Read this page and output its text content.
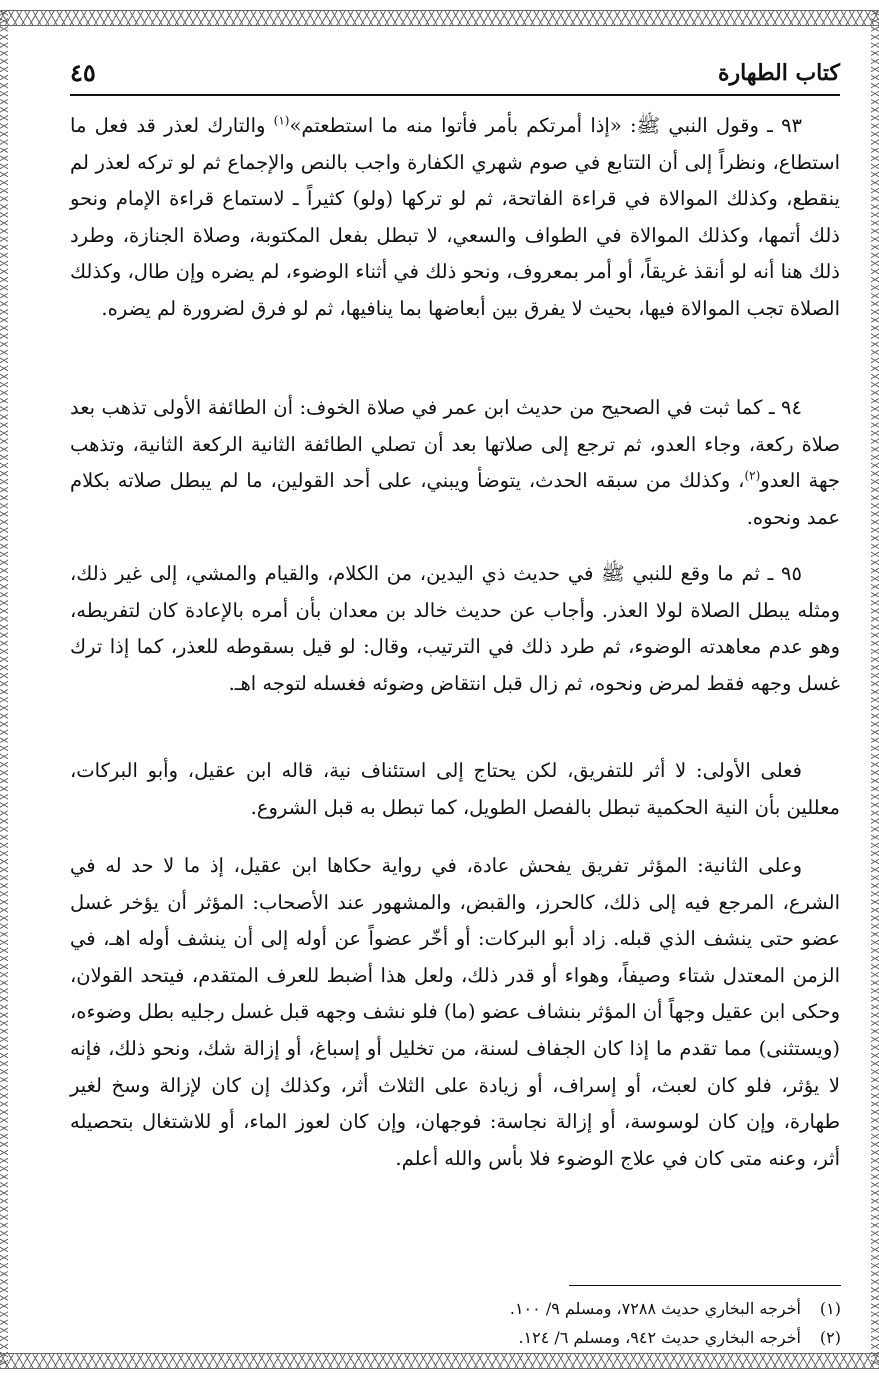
كتاب الطهارة
٤٥

٩٣ ـ وقول النبي ﷺ: «إذا أمرتكم بأمر فأتوا منه ما استطعتم»$^{(١)}$ والتارك لعذر قد فعل ما استطاع، ونظراً إلى أن التتابع في صوم شهري الكفارة واجب بالنص والإجماع ثم لو تركه لعذر لم ينقطع، وكذلك الموالاة في قراءة الفاتحة، ثم لو تركها (ولو) كثيراً ـ لاستماع قراءة الإمام ونحو ذلك أتمها، وكذلك الموالاة في الطواف والسعي، لا تبطل بفعل المكتوبة، وصلاة الجنازة، وطرد ذلك هنا أنه لو أنقذ غريقاً، أو أمر بمعروف، ونحو ذلك في أثناء الوضوء، لم يضره وإن طال، وكذلك الصلاة تجب الموالاة فيها، بحيث لا يفرق بين أبعاضها بما ينافيها، ثم لو فرق لضرورة لم يضره.

٩٤ ـ كما ثبت في الصحيح من حديث ابن عمر في صلاة الخوف: أن الطائفة الأولى تذهب بعد صلاة ركعة، وجاء العدو، ثم ترجع إلى صلاتها بعد أن تصلي الطائفة الثانية الركعة الثانية، وتذهب جهة العدو$^{(٢)}$، وكذلك من سبقه الحدث، يتوضأ ويبني، على أحد القولين، ما لم يبطل صلاته بكلام عمد ونحوه.

٩٥ ـ ثم ما وقع للنبي ﷺ في حديث ذي اليدين، من الكلام، والقيام والمشي، إلى غير ذلك، ومثله يبطل الصلاة لولا العذر. وأجاب عن حديث خالد بن معدان بأن أمره بالإعادة كان لتفريطه، وهو عدم معاهدته الوضوء، ثم طرد ذلك في الترتيب، وقال: لو قيل بسقوطه للعذر، كما إذا ترك غسل وجهه فقط لمرض ونحوه، ثم زال قبل انتقاض وضوئه فغسله لتوجه اهـ.

فعلى الأولى: لا أثر للتفريق، لكن يحتاج إلى استئناف نية، قاله ابن عقيل، وأبو البركات، معللين بأن النية الحكمية تبطل بالفصل الطويل، كما تبطل به قبل الشروع.

وعلى الثانية: المؤثر تفريق يفحش عادة، في رواية حكاها ابن عقيل، إذ ما لا حد له في الشرع، المرجع فيه إلى ذلك، كالحرز، والقبض، والمشهور عند الأصحاب: المؤثر أن يؤخر غسل عضو حتى ينشف الذي قبله. زاد أبو البركات: أو أخّر عضواً عن أوله إلى أن ينشف أوله اهـ، في الزمن المعتدل شتاء وصيفاً، وهواء أو قدر ذلك، ولعل هذا أضبط للعرف المتقدم، فيتحد القولان، وحكى ابن عقيل وجهاً أن المؤثر بنشاف عضو (ما) فلو نشف وجهه قبل غسل رجليه بطل وضوءه، (ويستثنى) مما تقدم ما إذا كان الجفاف لسنة، من تخليل أو إسباغ، أو إزالة شك، ونحو ذلك، فإنه لا يؤثر، فلو كان لعبث، أو إسراف، أو زيادة على الثلاث أثر، وكذلك إن كان لإزالة وسخ لغير طهارة، وإن كان لوسوسة، أو إزالة نجاسة: فوجهان، وإن كان لعوز الماء، أو للاشتغال بتحصيله أثر، وعنه متى كان في علاج الوضوء فلا بأس والله أعلم.

(١)أخرجه البخاري حديث ٧٢٨٨، ومسلم ٩/ ١٠٠.
(٢)أخرجه البخاري حديث ٩٤٢، ومسلم ٦/ ١٢٤.
